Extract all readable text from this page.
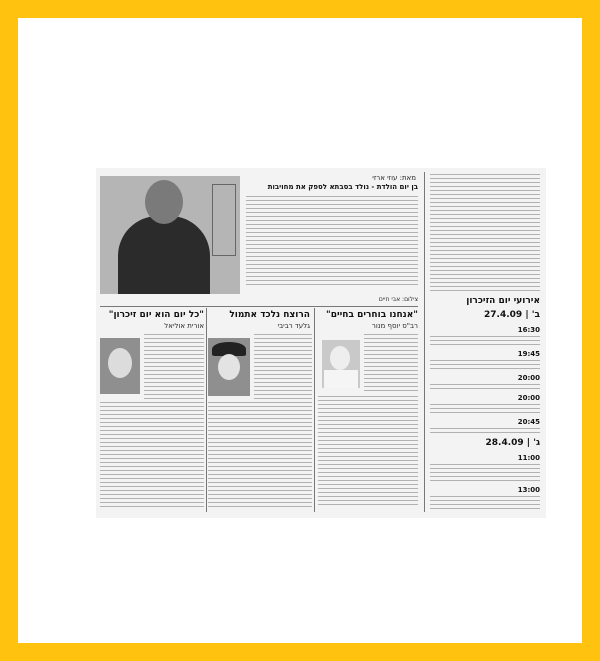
אירועי יום הזיכרון
ב' | 27.4.09
16:30
19:45
20:00
20:00
20:45
ג' | 28.4.09
11:00
13:00
מאת: עוזי ארזי
בן יום הולדת - נולד בסבתא לספק את מחויבות
צילום: אבי חיים
"אנחנו בוחרים בחיים"
רב"ס יוסף מנור
הרוצח נלכד אתמול
גלעד רביבי
"כל יום הוא יום זיכרון"
אורית אוליאל
